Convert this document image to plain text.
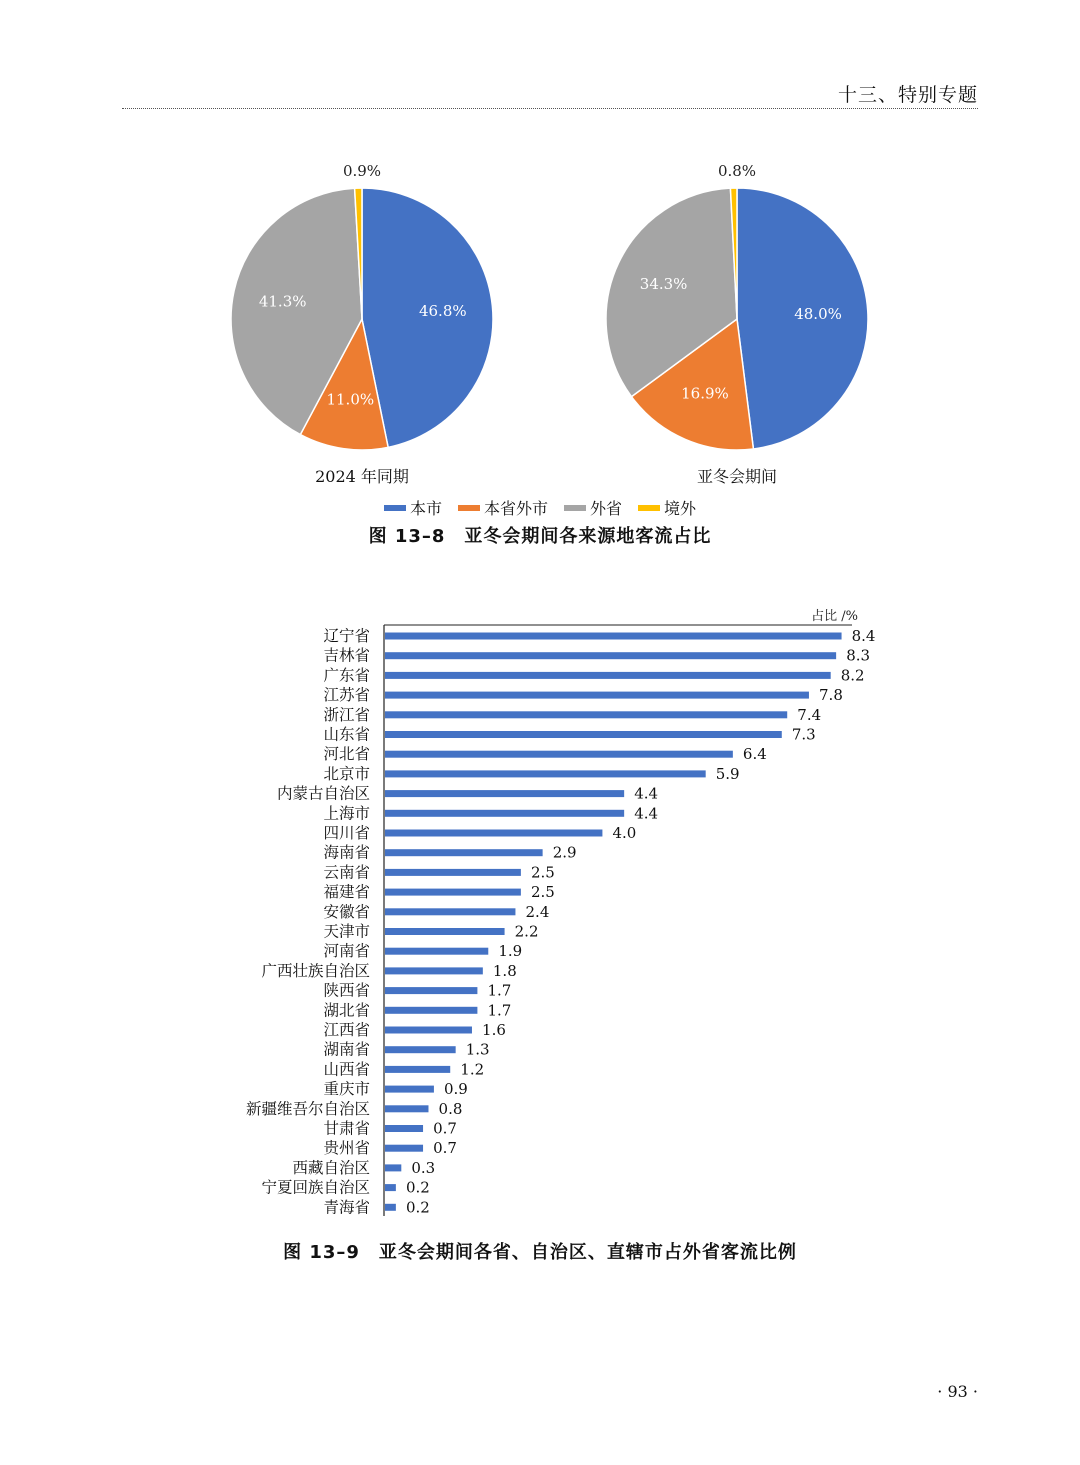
十三、特别专题
46.8%
11.0%
41.3%
0.9%
2024 年同期
48.0%
16.9%
34.3%
0.8%
亚冬会期间
本市	本省外市	外省	境外
图 13–8　亚冬会期间各来源地客流占比
占比 /%
辽宁省	8.4
吉林省	8.3
广东省	8.2
江苏省	7.8
浙江省	7.4
山东省	7.3
河北省	6.4
北京市	5.9
内蒙古自治区	4.4
上海市	4.4
四川省	4.0
海南省	2.9
云南省	2.5
福建省	2.5
安徽省	2.4
天津市	2.2
河南省	1.9
广西壮族自治区	1.8
陕西省	1.7
湖北省	1.7
江西省	1.6
湖南省	1.3
山西省	1.2
重庆市	0.9
新疆维吾尔自治区	0.8
甘肃省	0.7
贵州省	0.7
西藏自治区	0.3
宁夏回族自治区 0.2
青海省 0.2
图 13–9　亚冬会期间各省、自治区、直辖市占外省客流比例
· 93 ·
